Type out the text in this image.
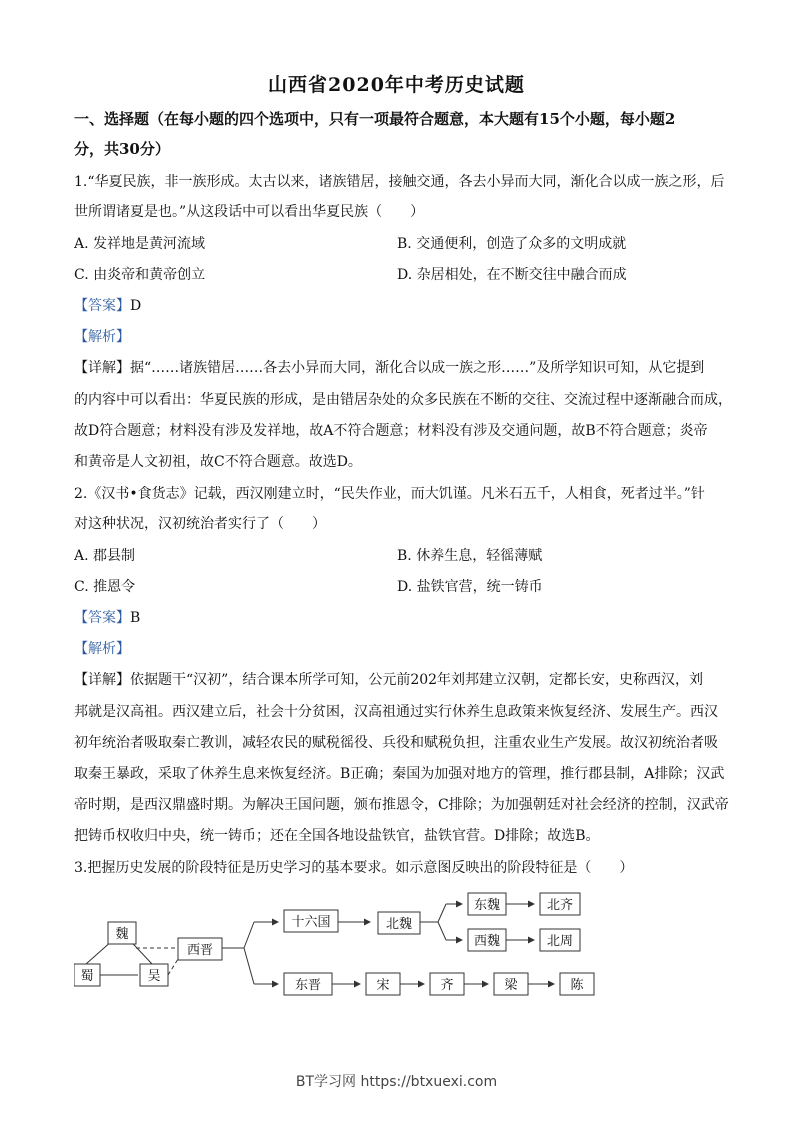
山西省2020年中考历史试题
一、选择题（在每小题的四个选项中，只有一项最符合题意，本大题有15个小题，每小题2
分，共30分）
1.“华夏民族，非一族形成。太古以来，诸族错居，接触交通，各去小异而大同，渐化合以成一族之形，后
世所谓诸夏是也。”从这段话中可以看出华夏民族（　　）
A. 发祥地是黄河流域	B. 交通便利，创造了众多的文明成就
C. 由炎帝和黄帝创立	D. 杂居相处，在不断交往中融合而成
【答案】D
【解析】
【详解】据“……诸族错居……各去小异而大同，渐化合以成一族之形……”及所学知识可知，从它提到
的内容中可以看出：华夏民族的形成，是由错居杂处的众多民族在不断的交往、交流过程中逐渐融合而成，
故D符合题意；材料没有涉及发祥地，故A不符合题意；材料没有涉及交通问题，故B不符合题意；炎帝
和黄帝是人文初祖，故C不符合题意。故选D。
2.《汉书•食货志》记载，西汉刚建立时，“民失作业，而大饥谨。凡米石五千，人相食，死者过半。”针
对这种状况，汉初统治者实行了（　　）
A. 郡县制	B. 休养生息，轻徭薄赋
C. 推恩令	D. 盐铁官营，统一铸币
【答案】B
【解析】
【详解】依据题干“汉初”，结合课本所学可知，公元前202年刘邦建立汉朝，定都长安，史称西汉，刘
邦就是汉高祖。西汉建立后，社会十分贫困，汉高祖通过实行休养生息政策来恢复经济、发展生产。西汉
初年统治者吸取秦亡教训，减轻农民的赋税徭役、兵役和赋税负担，注重农业生产发展。故汉初统治者吸
取秦王暴政，采取了休养生息来恢复经济。B正确；秦国为加强对地方的管理，推行郡县制，A排除；汉武
帝时期，是西汉鼎盛时期。为解决王国问题，颁布推恩令，C排除；为加强朝廷对社会经济的控制，汉武帝
把铸币权收归中央，统一铸币；还在全国各地设盐铁官，盐铁官营。D排除；故选B。
3.把握历史发展的阶段特征是历史学习的基本要求。如示意图反映出的阶段特征是（　　）
魏
蜀	吴
西晋
十六国	北魏
东魏
西魏
北齐
北周
东晋	宋	齐	梁	陈
BT学习网 https://btxuexi.com
